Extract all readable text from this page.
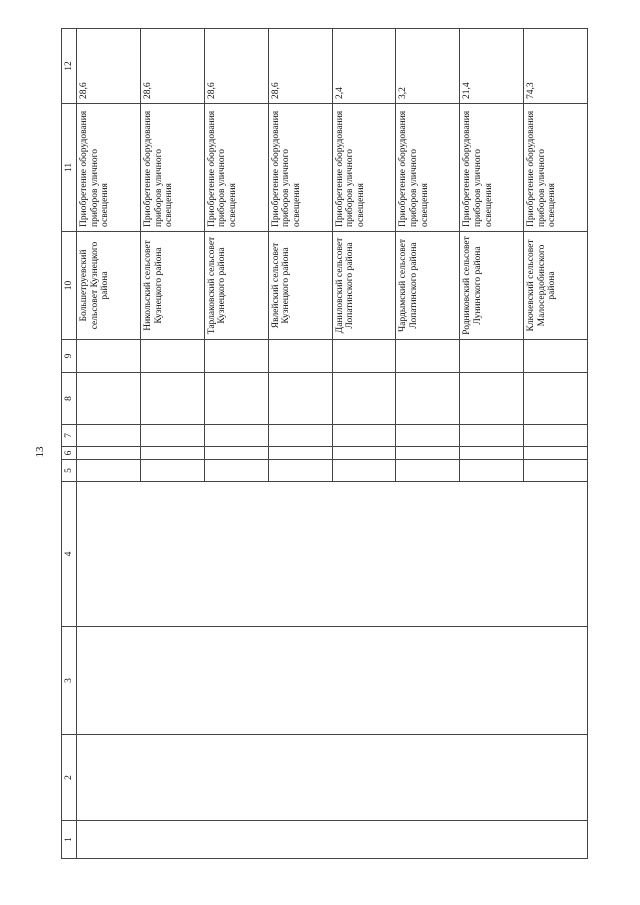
13
1	2	3	4	5	6	7	8	9	10	11	12
									Большетруевский сельсовет Кузнецкого района	Приобретение оборудования приборов уличного освещения	28,6
									Никольский сельсовет Кузнецкого района	Приобретение оборудования приборов уличного освещения	28,6
									Тарлаковский сельсовет Кузнецкого района	Приобретение оборудования приборов уличного освещения	28,6
									Явлейский сельсовет Кузнецкого района	Приобретение оборудования приборов уличного освещения	28,6
									Даниловский сельсовет Лопатинского района	Приобретение оборудования приборов уличного освещения	2,4
									Чардымский сельсовет Лопатинского района	Приобретение оборудования приборов уличного освещения	3,2
									Родниковский сельсовет Лунинского района	Приобретение оборудования приборов уличного освещения	21,4
									Ключевский сельсовет Малосердобинского района	Приобретение оборудования приборов уличного освещения	74,3
